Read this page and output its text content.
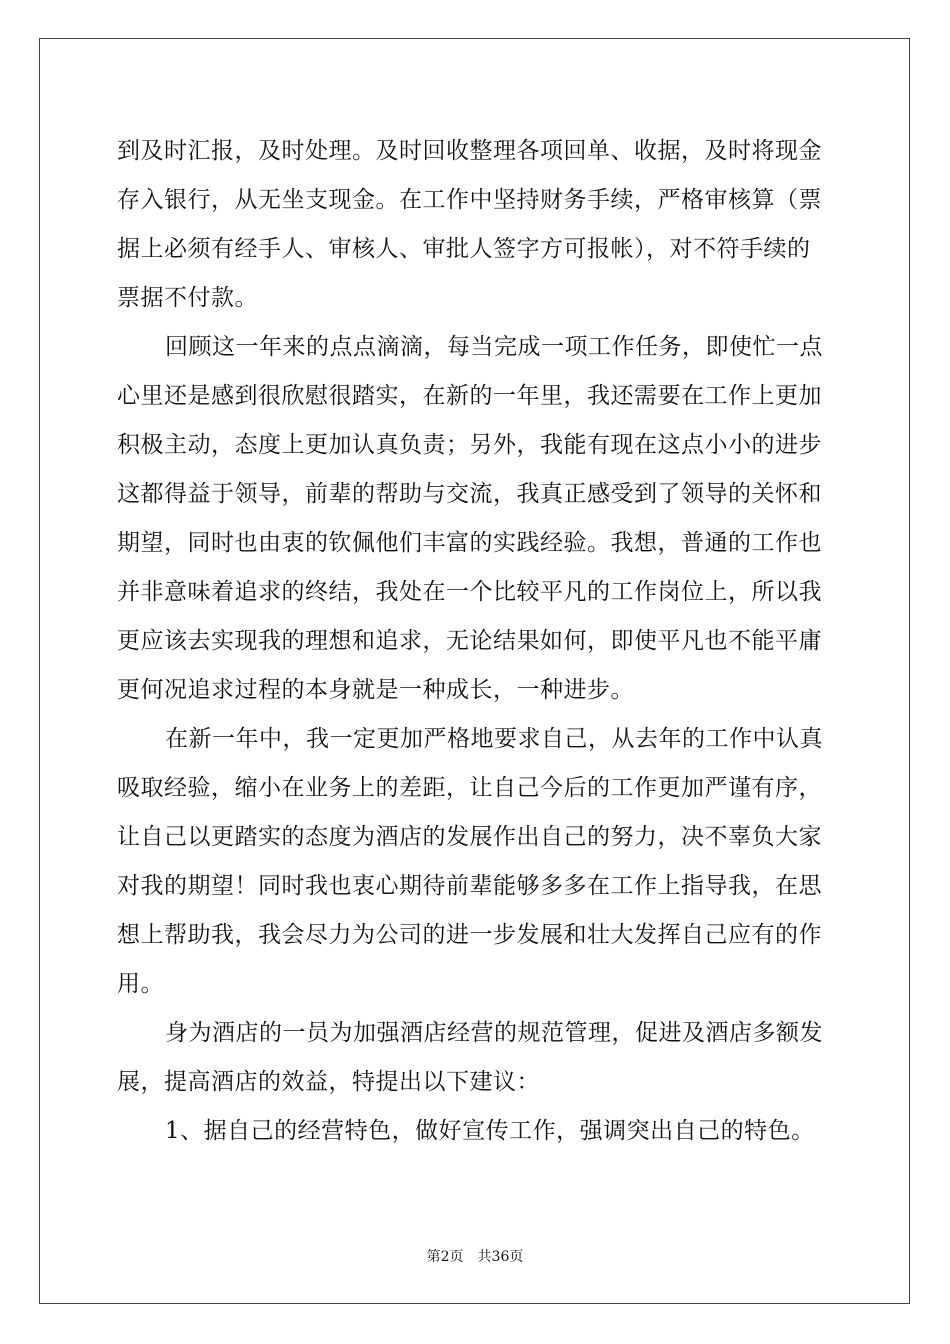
到及时汇报，及时处理。及时回收整理各项回单、收据，及时将现金
存入银行，从无坐支现金。在工作中坚持财务手续，严格审核算（票
据上必须有经手人、审核人、审批人签字方可报帐），对不符手续的
票据不付款。
回顾这一年来的点点滴滴，每当完成一项工作任务，即使忙一点
心里还是感到很欣慰很踏实，在新的一年里，我还需要在工作上更加
积极主动，态度上更加认真负责；另外，我能有现在这点小小的进步
这都得益于领导，前辈的帮助与交流，我真正感受到了领导的关怀和
期望，同时也由衷的钦佩他们丰富的实践经验。我想，普通的工作也
并非意味着追求的终结，我处在一个比较平凡的工作岗位上，所以我
更应该去实现我的理想和追求，无论结果如何，即使平凡也不能平庸
更何况追求过程的本身就是一种成长，一种进步。
在新一年中，我一定更加严格地要求自己，从去年的工作中认真
吸取经验，缩小在业务上的差距，让自己今后的工作更加严谨有序，
让自己以更踏实的态度为酒店的发展作出自己的努力，决不辜负大家
对我的期望！同时我也衷心期待前辈能够多多在工作上指导我，在思
想上帮助我，我会尽力为公司的进一步发展和壮大发挥自己应有的作
用。
身为酒店的一员为加强酒店经营的规范管理，促进及酒店多额发
展，提高酒店的效益，特提出以下建议：
1、据自己的经营特色，做好宣传工作，强调突出自己的特色。
第2页　共36页
